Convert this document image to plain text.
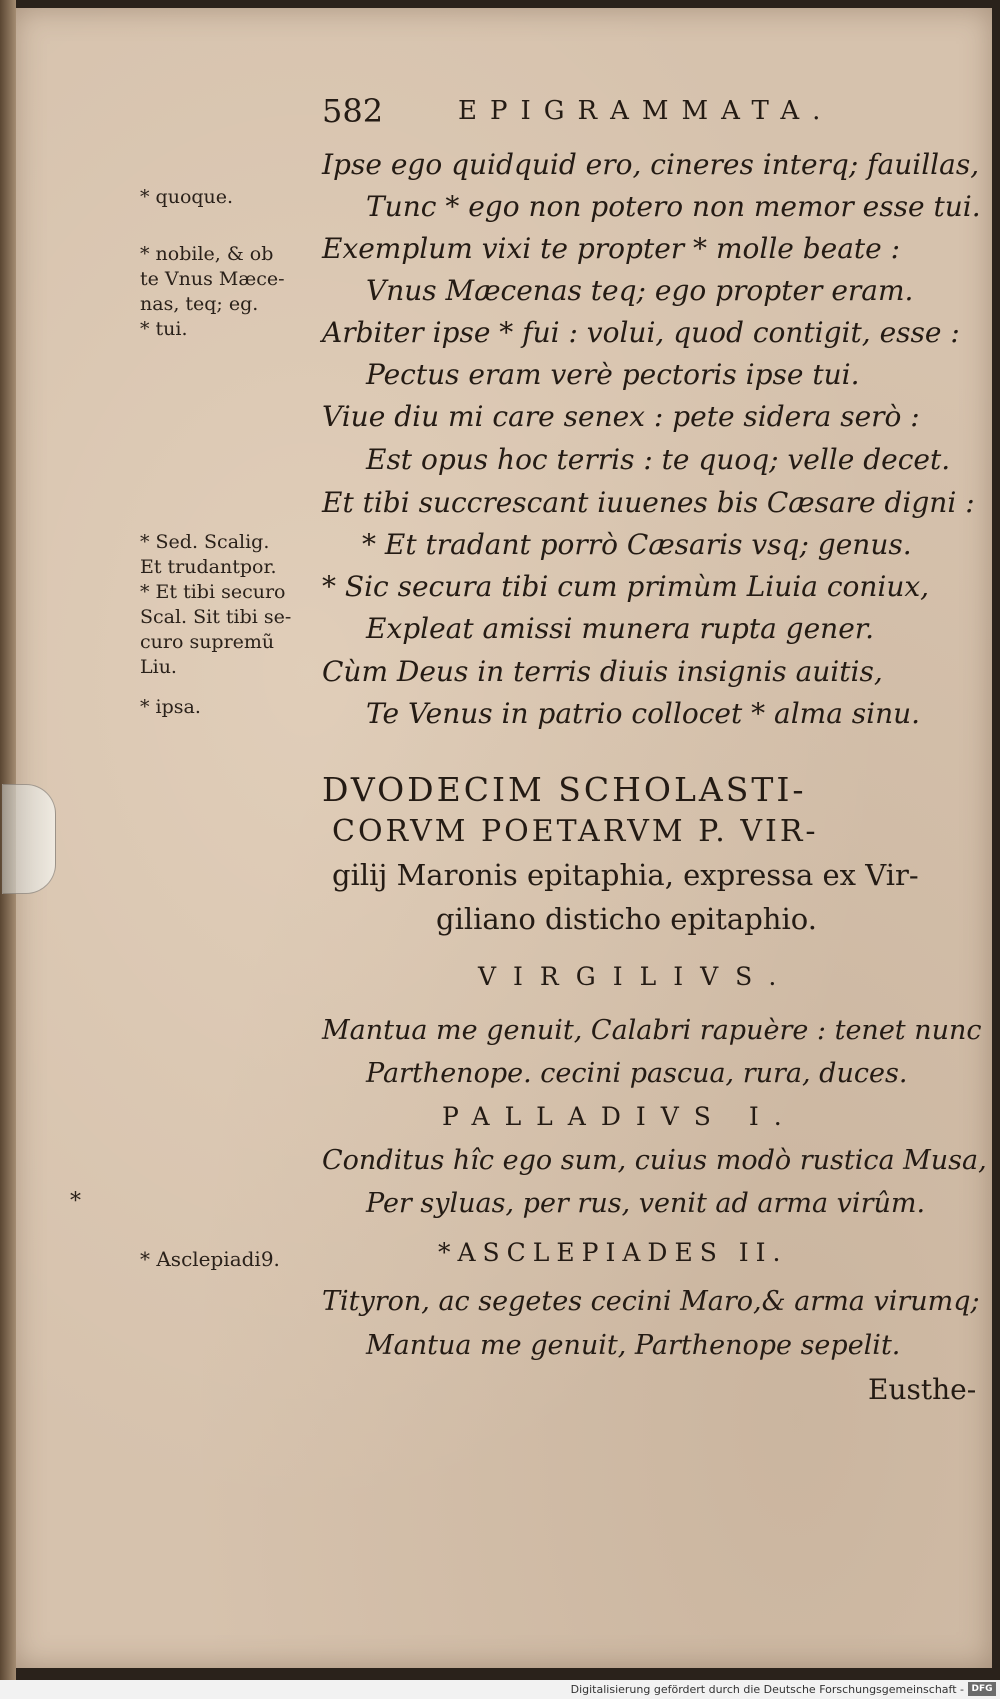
582	EPIGRAMMATA.
* quoque.
* nobile, & ob
te Vnus Mæce-
nas, teq; eg.
* tui.
* Sed. Scalig.
Et trudantpor.
* Et tibi securo
Scal. Sit tibi se-
curo supremũ
Liu.
* ipsa.
*
* Asclepiadi9.
Ipse ego quidquid ero, cineres interq; fauillas,
Tunc * ego non potero non memor esse tui.
Exemplum vixi te propter * molle beate :
Vnus Mæcenas teq; ego propter eram.
Arbiter ipse * fui : volui, quod contigit, esse :
Pectus eram verè pectoris ipse tui.
Viue diu mi care senex : pete sidera serò :
Est opus hoc terris : te quoq; velle decet.
Et tibi succrescant iuuenes bis Cæsare digni :
* Et tradant porrò Cæsaris vsq; genus.
* Sic secura tibi cum primùm Liuia coniux,
Expleat amissi munera rupta gener.
Cùm Deus in terris diuis insignis auitis,
Te Venus in patrio collocet * alma sinu.
DVODECIM SCHOLASTI-
CORVM POETARVM P. VIR-
gilij Maronis epitaphia, expressa ex Vir-
giliano disticho epitaphio.
VIRGILIVS.
Mantua me genuit, Calabri rapuère : tenet nunc
Parthenope. cecini pascua, rura, duces.
PALLADIVS I.
Conditus hîc ego sum, cuius modò rustica Musa,
Per syluas, per rus, venit ad arma virûm.
*ASCLEPIADES II.
Tityron, ac segetes cecini Maro,& arma virumq;
Mantua me genuit, Parthenope sepelit.
Eusthe-
Digitalisierung gefördert durch die Deutsche Forschungsgemeinschaft - DFG
